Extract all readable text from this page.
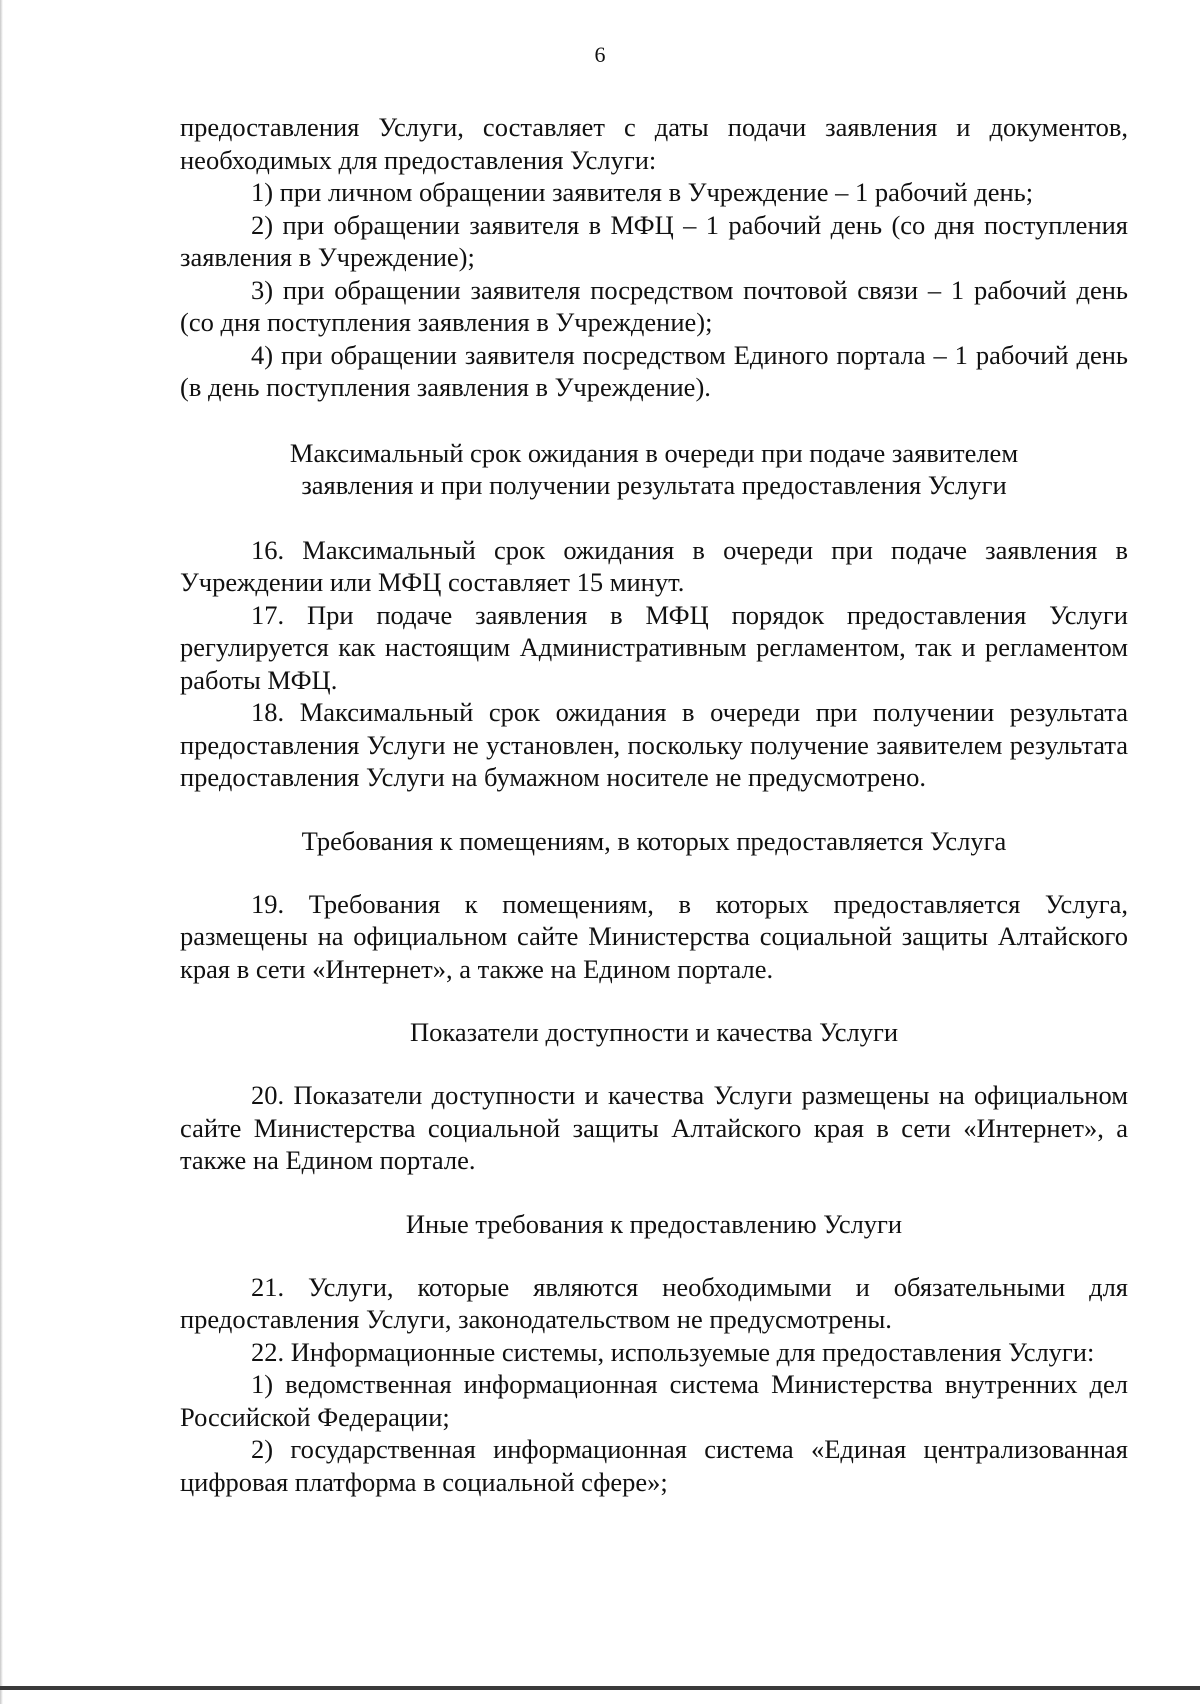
6

предоставления Услуги, составляет с даты подачи заявления и документов, необходимых для предоставления Услуги:

1) при личном обращении заявителя в Учреждение – 1 рабочий день;

2) при обращении заявителя в МФЦ – 1 рабочий день (со дня поступления заявления в Учреждение);

3) при обращении заявителя посредством почтовой связи – 1 рабочий день (со дня поступления заявления в Учреждение);

4) при обращении заявителя посредством Единого портала – 1 рабочий день (в день поступления заявления в Учреждение).

Максимальный срок ожидания в очереди при подаче заявителем
заявления и при получении результата предоставления Услуги

16. Максимальный срок ожидания в очереди при подаче заявления в Учреждении или МФЦ составляет 15 минут.

17. При подаче заявления в МФЦ порядок предоставления Услуги регулируется как настоящим Административным регламентом, так и регламентом работы МФЦ.

18. Максимальный срок ожидания в очереди при получении результата предоставления Услуги не установлен, поскольку получение заявителем результата предоставления Услуги на бумажном носителе не предусмотрено.

Требования к помещениям, в которых предоставляется Услуга

19. Требования к помещениям, в которых предоставляется Услуга, размещены на официальном сайте Министерства социальной защиты Алтайского края в сети «Интернет», а также на Едином портале.

Показатели доступности и качества Услуги

20. Показатели доступности и качества Услуги размещены на официальном сайте Министерства социальной защиты Алтайского края в сети «Интернет», а также на Едином портале.

Иные требования к предоставлению Услуги

21. Услуги, которые являются необходимыми и обязательными для предоставления Услуги, законодательством не предусмотрены.

22. Информационные системы, используемые для предоставления Услуги:

1) ведомственная информационная система Министерства внутренних дел Российской Федерации;

2) государственная информационная система «Единая централизованная цифровая платформа в социальной сфере»;
